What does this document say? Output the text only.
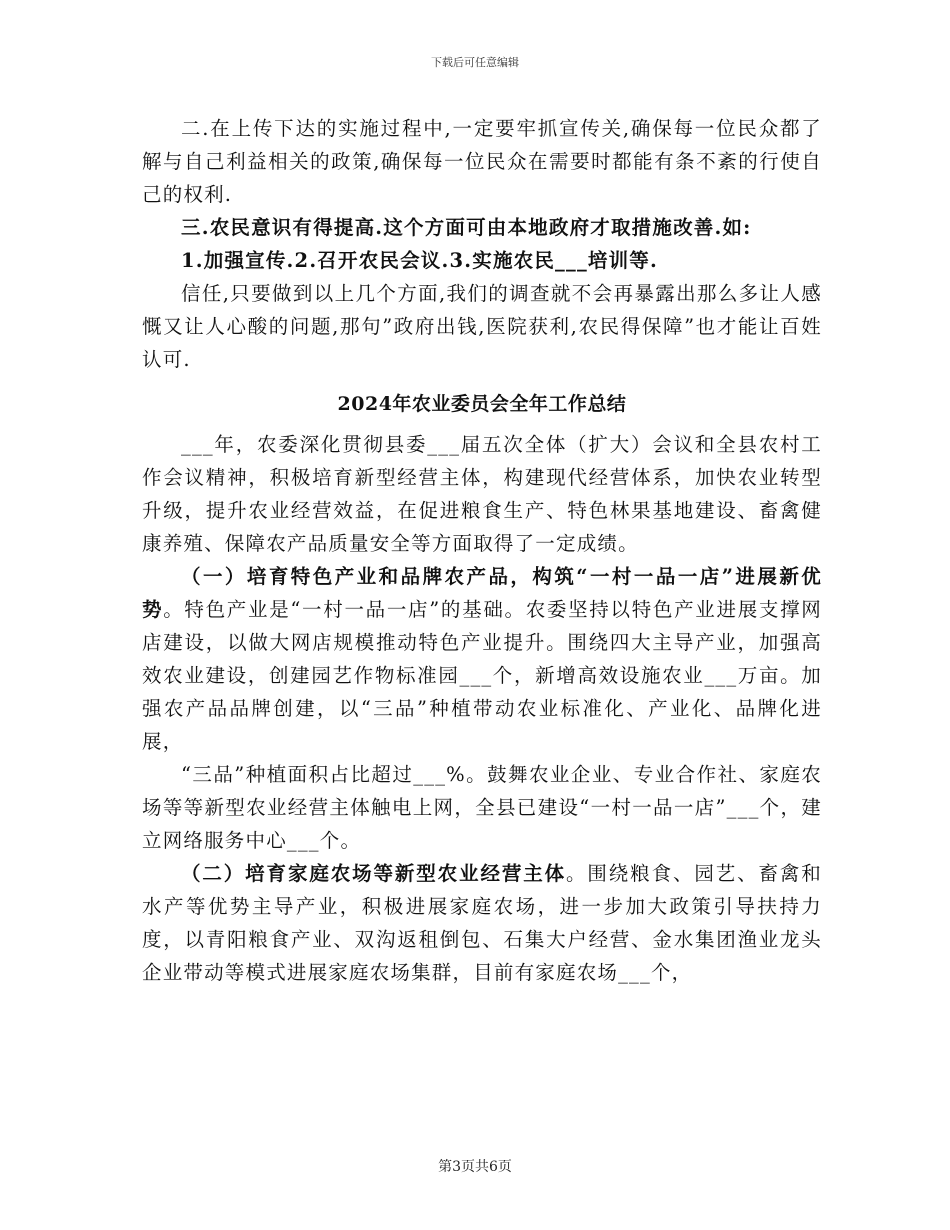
下载后可任意编辑

二.在上传下达的实施过程中,一定要牢抓宣传关,确保每一位民众都了解与自己利益相关的政策,确保每一位民众在需要时都能有条不紊的行使自己的权利.

三.农民意识有得提高.这个方面可由本地政府才取措施改善.如:

1.加强宣传.2.召开农民会议.3.实施农民___培训等.

信任,只要做到以上几个方面,我们的调查就不会再暴露出那么多让人感慨又让人心酸的问题,那句”政府出钱,医院获利,农民得保障”也才能让百姓认可.

2024年农业委员会全年工作总结

___年，农委深化贯彻县委___届五次全体（扩大）会议和全县农村工作会议精神，积极培育新型经营主体，构建现代经营体系，加快农业转型升级，提升农业经营效益，在促进粮食生产、特色林果基地建设、畜禽健康养殖、保障农产品质量安全等方面取得了一定成绩。

（一）培育特色产业和品牌农产品，构筑“一村一品一店”进展新优势。特色产业是“一村一品一店”的基础。农委坚持以特色产业进展支撑网店建设，以做大网店规模推动特色产业提升。围绕四大主导产业，加强高效农业建设，创建园艺作物标准园___个，新增高效设施农业___万亩。加强农产品品牌创建，以“三品”种植带动农业标准化、产业化、品牌化进展，

“三品”种植面积占比超过___%。鼓舞农业企业、专业合作社、家庭农场等等新型农业经营主体触电上网，全县已建设“一村一品一店”___个，建立网络服务中心___个。

（二）培育家庭农场等新型农业经营主体。围绕粮食、园艺、畜禽和水产等优势主导产业，积极进展家庭农场，进一步加大政策引导扶持力度，以青阳粮食产业、双沟返租倒包、石集大户经营、金水集团渔业龙头企业带动等模式进展家庭农场集群，目前有家庭农场___个，

第3页共6页
